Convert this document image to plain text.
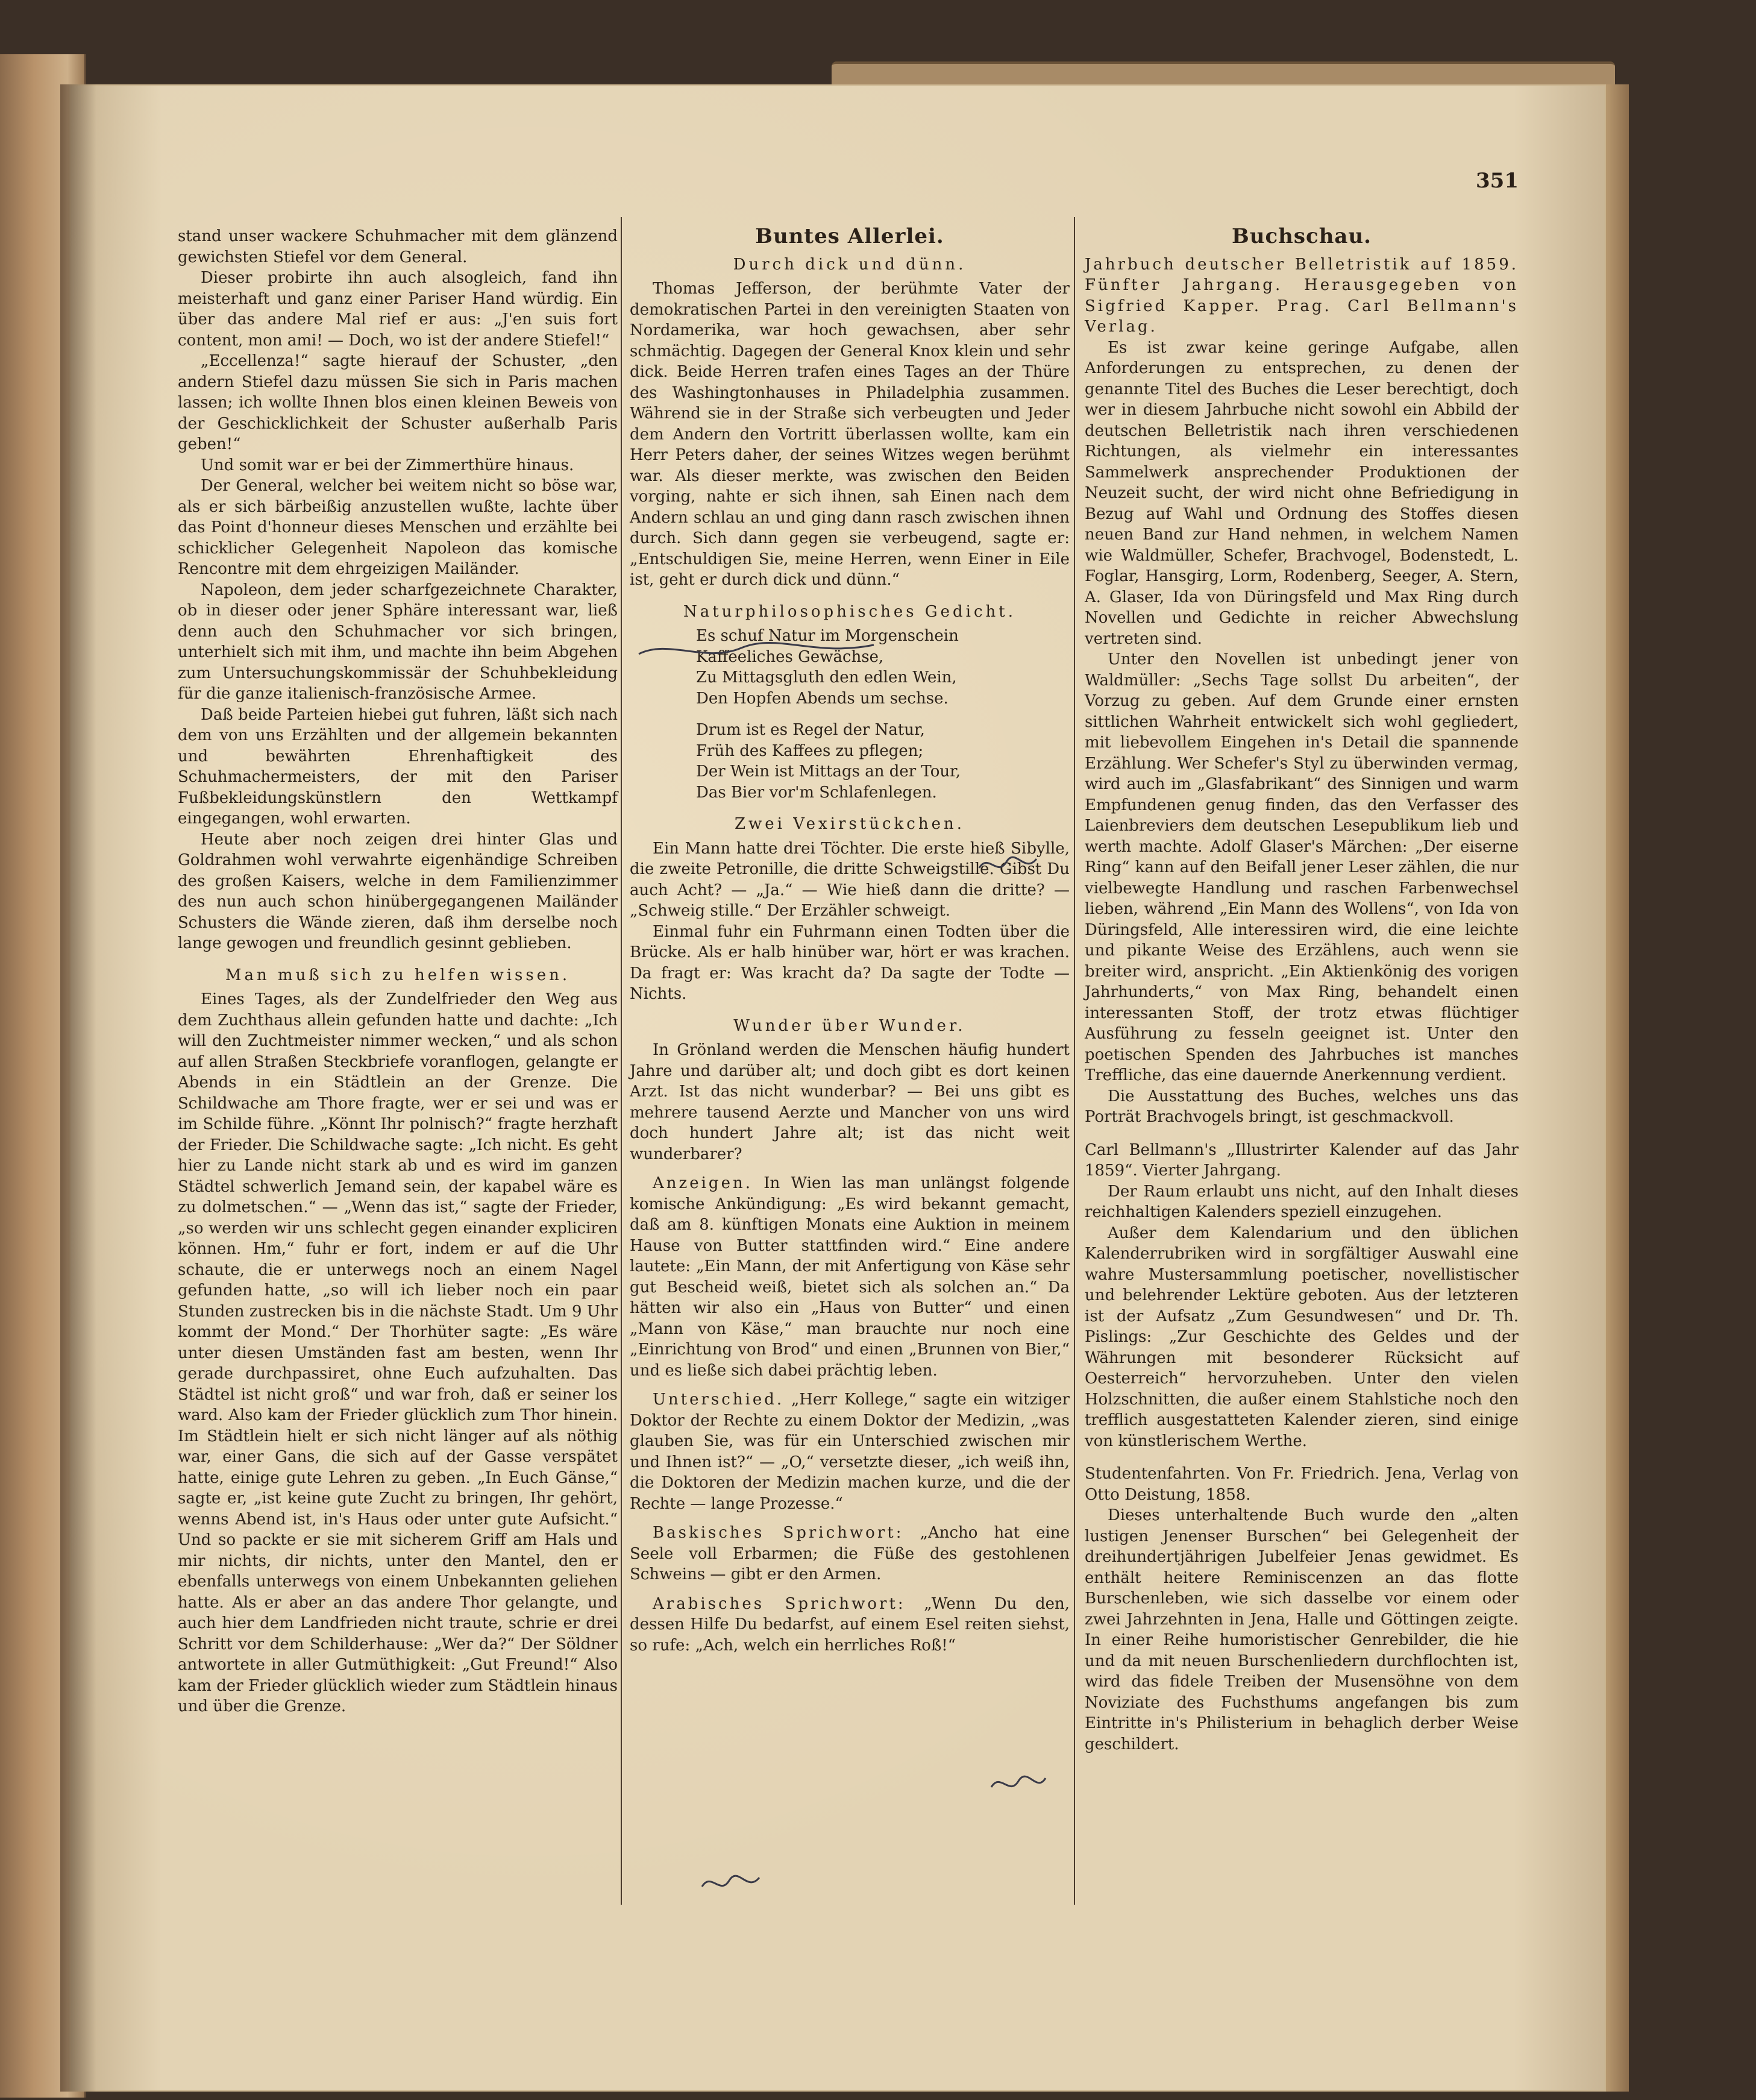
351

stand unser wackere Schuhmacher mit dem glänzend gewichsten Stiefel vor dem General.

Dieser probirte ihn auch alsogleich, fand ihn meisterhaft und ganz einer Pariser Hand würdig. Ein über das andere Mal rief er aus: „J'en suis fort content, mon ami! — Doch, wo ist der andere Stiefel!“

„Eccellenza!“ sagte hierauf der Schuster, „den andern Stiefel dazu müssen Sie sich in Paris machen lassen; ich wollte Ihnen blos einen kleinen Beweis von der Geschicklichkeit der Schuster außerhalb Paris geben!“

Und somit war er bei der Zimmerthüre hinaus.

Der General, welcher bei weitem nicht so böse war, als er sich bärbeißig anzustellen wußte, lachte über das Point d'honneur dieses Menschen und erzählte bei schicklicher Gelegenheit Napoleon das komische Rencontre mit dem ehrgeizigen Mailänder.

Napoleon, dem jeder scharfgezeichnete Charakter, ob in dieser oder jener Sphäre interessant war, ließ denn auch den Schuhmacher vor sich bringen, unterhielt sich mit ihm, und machte ihn beim Abgehen zum Untersuchungskommissär der Schuhbekleidung für die ganze italienisch-französische Armee.

Daß beide Parteien hiebei gut fuhren, läßt sich nach dem von uns Erzählten und der allgemein bekannten und bewährten Ehrenhaftigkeit des Schuhmachermeisters, der mit den Pariser Fußbekleidungskünstlern den Wettkampf eingegangen, wohl erwarten.

Heute aber noch zeigen drei hinter Glas und Goldrahmen wohl verwahrte eigenhändige Schreiben des großen Kaisers, welche in dem Familienzimmer des nun auch schon hinübergegangenen Mailänder Schusters die Wände zieren, daß ihm derselbe noch lange gewogen und freundlich gesinnt geblieben.

Man muß sich zu helfen wissen.

Eines Tages, als der Zundelfrieder den Weg aus dem Zuchthaus allein gefunden hatte und dachte: „Ich will den Zuchtmeister nimmer wecken,“ und als schon auf allen Straßen Steckbriefe voranflogen, gelangte er Abends in ein Städtlein an der Grenze. Die Schildwache am Thore fragte, wer er sei und was er im Schilde führe. „Könnt Ihr polnisch?“ fragte herzhaft der Frieder. Die Schildwache sagte: „Ich nicht. Es geht hier zu Lande nicht stark ab und es wird im ganzen Städtel schwerlich Jemand sein, der kapabel wäre es zu dolmetschen.“ — „Wenn das ist,“ sagte der Frieder, „so werden wir uns schlecht gegen einander expliciren können. Hm,“ fuhr er fort, indem er auf die Uhr schaute, die er unterwegs noch an einem Nagel gefunden hatte, „so will ich lieber noch ein paar Stunden zustrecken bis in die nächste Stadt. Um 9 Uhr kommt der Mond.“ Der Thorhüter sagte: „Es wäre unter diesen Umständen fast am besten, wenn Ihr gerade durchpassiret, ohne Euch aufzuhalten. Das Städtel ist nicht groß“ und war froh, daß er seiner los ward. Also kam der Frieder glücklich zum Thor hinein. Im Städtlein hielt er sich nicht länger auf als nöthig war, einer Gans, die sich auf der Gasse verspätet hatte, einige gute Lehren zu geben. „In Euch Gänse,“ sagte er, „ist keine gute Zucht zu bringen, Ihr gehört, wenns Abend ist, in's Haus oder unter gute Aufsicht.“ Und so packte er sie mit sicherem Griff am Hals und mir nichts, dir nichts, unter den Mantel, den er ebenfalls unterwegs von einem Unbekannten geliehen hatte. Als er aber an das andere Thor gelangte, und auch hier dem Landfrieden nicht traute, schrie er drei Schritt vor dem Schilderhause: „Wer da?“ Der Söldner antwortete in aller Gutmüthigkeit: „Gut Freund!“ Also kam der Frieder glücklich wieder zum Städtlein hinaus und über die Grenze.

Buntes Allerlei.
Durch dick und dünn.

Thomas Jefferson, der berühmte Vater der demokratischen Partei in den vereinigten Staaten von Nordamerika, war hoch gewachsen, aber sehr schmächtig. Dagegen der General Knox klein und sehr dick. Beide Herren trafen eines Tages an der Thüre des Washingtonhauses in Philadelphia zusammen. Während sie in der Straße sich verbeugten und Jeder dem Andern den Vortritt überlassen wollte, kam ein Herr Peters daher, der seines Witzes wegen berühmt war. Als dieser merkte, was zwischen den Beiden vorging, nahte er sich ihnen, sah Einen nach dem Andern schlau an und ging dann rasch zwischen ihnen durch. Sich dann gegen sie verbeugend, sagte er: „Entschuldigen Sie, meine Herren, wenn Einer in Eile ist, geht er durch dick und dünn.“

Naturphilosophisches Gedicht.
Es schuf Natur im Morgenschein
Kaffeeliches Gewächse,
Zu Mittagsgluth den edlen Wein,
Den Hopfen Abends um sechse.
Drum ist es Regel der Natur,
Früh des Kaffees zu pflegen;
Der Wein ist Mittags an der Tour,
Das Bier vor'm Schlafenlegen.
Zwei Vexirstückchen.

Ein Mann hatte drei Töchter. Die erste hieß Sibylle, die zweite Petronille, die dritte Schweigstille. Gibst Du auch Acht? — „Ja.“ — Wie hieß dann die dritte? — „Schweig stille.“ Der Erzähler schweigt.

Einmal fuhr ein Fuhrmann einen Todten über die Brücke. Als er halb hinüber war, hört er was krachen. Da fragt er: Was kracht da? Da sagte der Todte — Nichts.

Wunder über Wunder.

In Grönland werden die Menschen häufig hundert Jahre und darüber alt; und doch gibt es dort keinen Arzt. Ist das nicht wunderbar? — Bei uns gibt es mehrere tausend Aerzte und Mancher von uns wird doch hundert Jahre alt; ist das nicht weit wunderbarer?

Anzeigen. In Wien las man unlängst folgende komische Ankündigung: „Es wird bekannt gemacht, daß am 8. künftigen Monats eine Auktion in meinem Hause von Butter stattfinden wird.“ Eine andere lautete: „Ein Mann, der mit Anfertigung von Käse sehr gut Bescheid weiß, bietet sich als solchen an.“ Da hätten wir also ein „Haus von Butter“ und einen „Mann von Käse,“ man brauchte nur noch eine „Einrichtung von Brod“ und einen „Brunnen von Bier,“ und es ließe sich dabei prächtig leben.

Unterschied. „Herr Kollege,“ sagte ein witziger Doktor der Rechte zu einem Doktor der Medizin, „was glauben Sie, was für ein Unterschied zwischen mir und Ihnen ist?“ — „O,“ versetzte dieser, „ich weiß ihn, die Doktoren der Medizin machen kurze, und die der Rechte — lange Prozesse.“

Baskisches Sprichwort: „Ancho hat eine Seele voll Erbarmen; die Füße des gestohlenen Schweins — gibt er den Armen.

Arabisches Sprichwort: „Wenn Du den, dessen Hilfe Du bedarfst, auf einem Esel reiten siehst, so rufe: „Ach, welch ein herrliches Roß!“

Buchschau.

Jahrbuch deutscher Belletristik auf 1859. Fünfter Jahrgang. Herausgegeben von Sigfried Kapper. Prag. Carl Bellmann's Verlag.

Es ist zwar keine geringe Aufgabe, allen Anforderungen zu entsprechen, zu denen der genannte Titel des Buches die Leser berechtigt, doch wer in diesem Jahrbuche nicht sowohl ein Abbild der deutschen Belletristik nach ihren verschiedenen Richtungen, als vielmehr ein interessantes Sammelwerk ansprechender Produktionen der Neuzeit sucht, der wird nicht ohne Befriedigung in Bezug auf Wahl und Ordnung des Stoffes diesen neuen Band zur Hand nehmen, in welchem Namen wie Waldmüller, Schefer, Brachvogel, Bodenstedt, L. Foglar, Hansgirg, Lorm, Rodenberg, Seeger, A. Stern, A. Glaser, Ida von Düringsfeld und Max Ring durch Novellen und Gedichte in reicher Abwechslung vertreten sind.

Unter den Novellen ist unbedingt jener von Waldmüller: „Sechs Tage sollst Du arbeiten“, der Vorzug zu geben. Auf dem Grunde einer ernsten sittlichen Wahrheit entwickelt sich wohl gegliedert, mit liebevollem Eingehen in's Detail die spannende Erzählung. Wer Schefer's Styl zu überwinden vermag, wird auch im „Glasfabrikant“ des Sinnigen und warm Empfundenen genug finden, das den Verfasser des Laienbreviers dem deutschen Lesepublikum lieb und werth machte. Adolf Glaser's Märchen: „Der eiserne Ring“ kann auf den Beifall jener Leser zählen, die nur vielbewegte Handlung und raschen Farbenwechsel lieben, während „Ein Mann des Wollens“, von Ida von Düringsfeld, Alle interessiren wird, die eine leichte und pikante Weise des Erzählens, auch wenn sie breiter wird, anspricht. „Ein Aktienkönig des vorigen Jahrhunderts,“ von Max Ring, behandelt einen interessanten Stoff, der trotz etwas flüchtiger Ausführung zu fesseln geeignet ist. Unter den poetischen Spenden des Jahrbuches ist manches Treffliche, das eine dauernde Anerkennung verdient.

Die Ausstattung des Buches, welches uns das Porträt Brachvogels bringt, ist geschmackvoll.

Carl Bellmann's „Illustrirter Kalender auf das Jahr 1859“. Vierter Jahrgang.

Der Raum erlaubt uns nicht, auf den Inhalt dieses reichhaltigen Kalenders speziell einzugehen.

Außer dem Kalendarium und den üblichen Kalenderrubriken wird in sorgfältiger Auswahl eine wahre Mustersammlung poetischer, novellistischer und belehrender Lektüre geboten. Aus der letzteren ist der Aufsatz „Zum Gesundwesen“ und Dr. Th. Pislings: „Zur Geschichte des Geldes und der Währungen mit besonderer Rücksicht auf Oesterreich“ hervorzuheben. Unter den vielen Holzschnitten, die außer einem Stahlstiche noch den trefflich ausgestatteten Kalender zieren, sind einige von künstlerischem Werthe.

Studentenfahrten. Von Fr. Friedrich. Jena, Verlag von Otto Deistung, 1858.

Dieses unterhaltende Buch wurde den „alten lustigen Jenenser Burschen“ bei Gelegenheit der dreihundertjährigen Jubelfeier Jenas gewidmet. Es enthält heitere Reminiscenzen an das flotte Burschenleben, wie sich dasselbe vor einem oder zwei Jahrzehnten in Jena, Halle und Göttingen zeigte. In einer Reihe humoristischer Genrebilder, die hie und da mit neuen Burschenliedern durchflochten ist, wird das fidele Treiben der Musensöhne von dem Noviziate des Fuchsthums angefangen bis zum Eintritte in's Philisterium in behaglich derber Weise geschildert.
